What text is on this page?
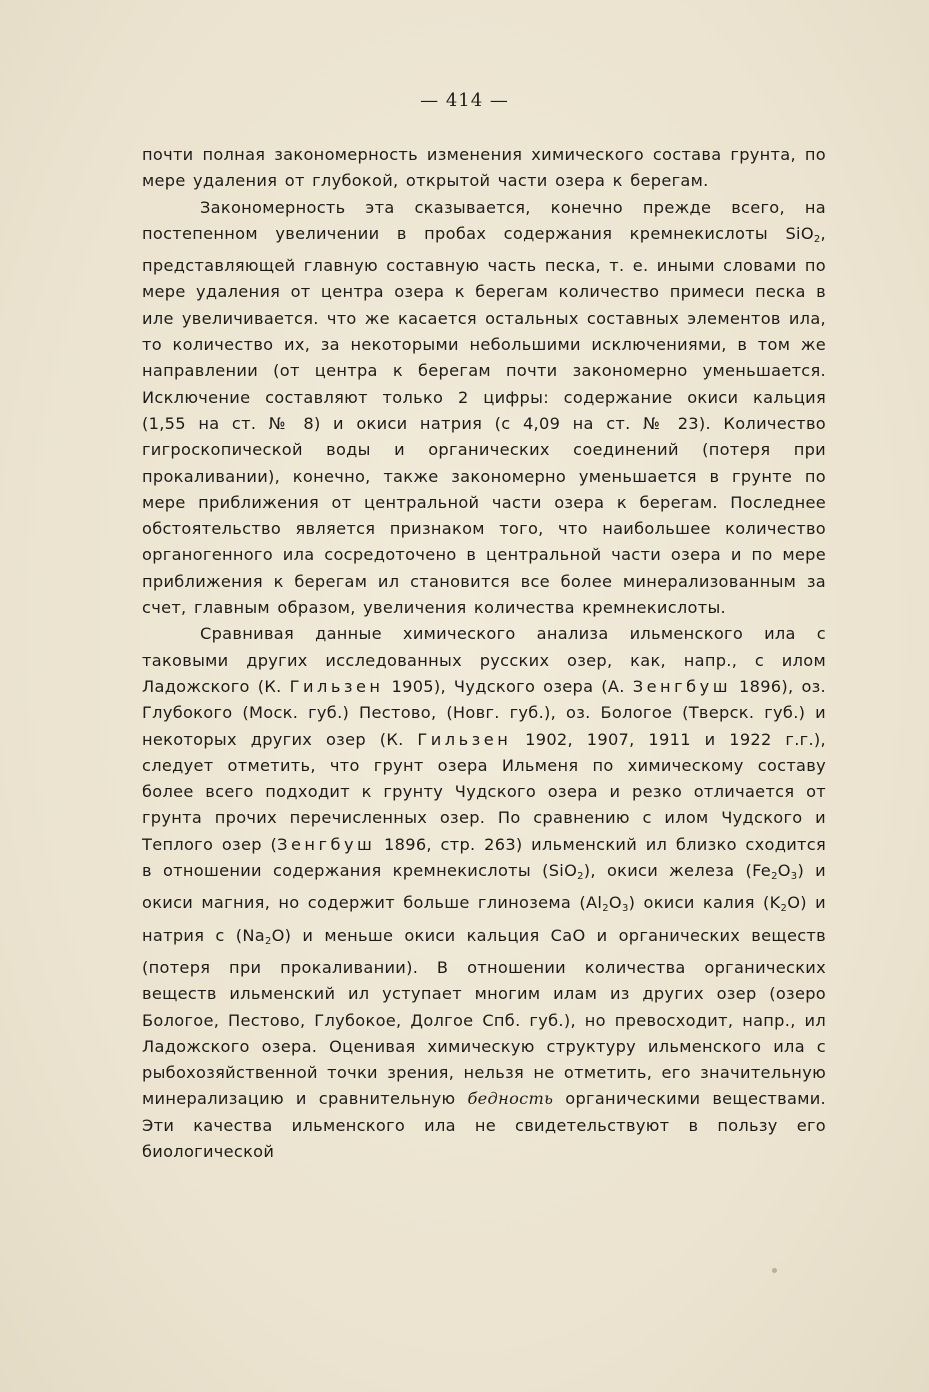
— 414 —

почти полная закономерность изменения химического состава грунта, по мере удаления от глубокой, открытой части озера к берегам.

Закономерность эта сказывается, конечно прежде всего, на постепенном увеличении в пробах содержания кремнекислоты SiO2, представляющей главную составную часть песка, т. е. иными словами по мере удаления от центра озера к берегам количество примеси песка в иле увеличивается. что же касается остальных составных элементов ила, то количество их, за некоторыми небольшими исключениями, в том же направлении (от центра к берегам почти закономерно уменьшается. Исключение составляют только 2 цифры: содержание окиси кальция (1,55 на ст. № 8) и окиси натрия (с 4,09 на ст. № 23). Количество гигроскопической воды и органических соединений (потеря при прокаливании), конечно, также закономерно уменьшается в грунте по мере приближения от центральной части озера к берегам. Последнее обстоятельство является признаком того, что наибольшее количество органогенного ила сосредоточено в центральной части озера и по мере приближения к берегам ил становится все более минерализованным за счет, главным образом, увеличения количества кремнекислоты.

Сравнивая данные химического анализа ильменского ила с таковыми других исследованных русских озер, как, напр., с илом Ладожского (К. Гильзен 1905), Чудского озера (А. Зенгбуш 1896), оз. Глубокого (Моск. губ.) Пестово, (Новг. губ.), оз. Бологое (Тверск. губ.) и некоторых других озер (К. Гильзен 1902, 1907, 1911 и 1922 г.г.), следует отметить, что грунт озера Ильменя по химическому составу более всего подходит к грунту Чудского озера и резко отличается от грунта прочих перечисленных озер. По сравнению с илом Чудского и Теплого озер (Зенгбуш 1896, стр. 263) ильменский ил близко сходится в отношении содержания кремнекислоты (SiO2), окиси железа (Fe2O3) и окиси магния, но содержит больше глинозема (Al2O3) окиси калия (K2O) и натрия с (Na2O) и меньше окиси кальция CaO и органических веществ (потеря при прокаливании). В отношении количества органических веществ ильменский ил уступает многим илам из других озер (озеро Бологое, Пестово, Глубокое, Долгое Спб. губ.), но превосходит, напр., ил Ладожского озера. Оценивая химическую структуру ильменского ила с рыбохозяйственной точки зрения, нельзя не отметить, его значительную минерализацию и сравнительную бедность органическими веществами. Эти качества ильменского ила не свидетельствуют в пользу его биологической
